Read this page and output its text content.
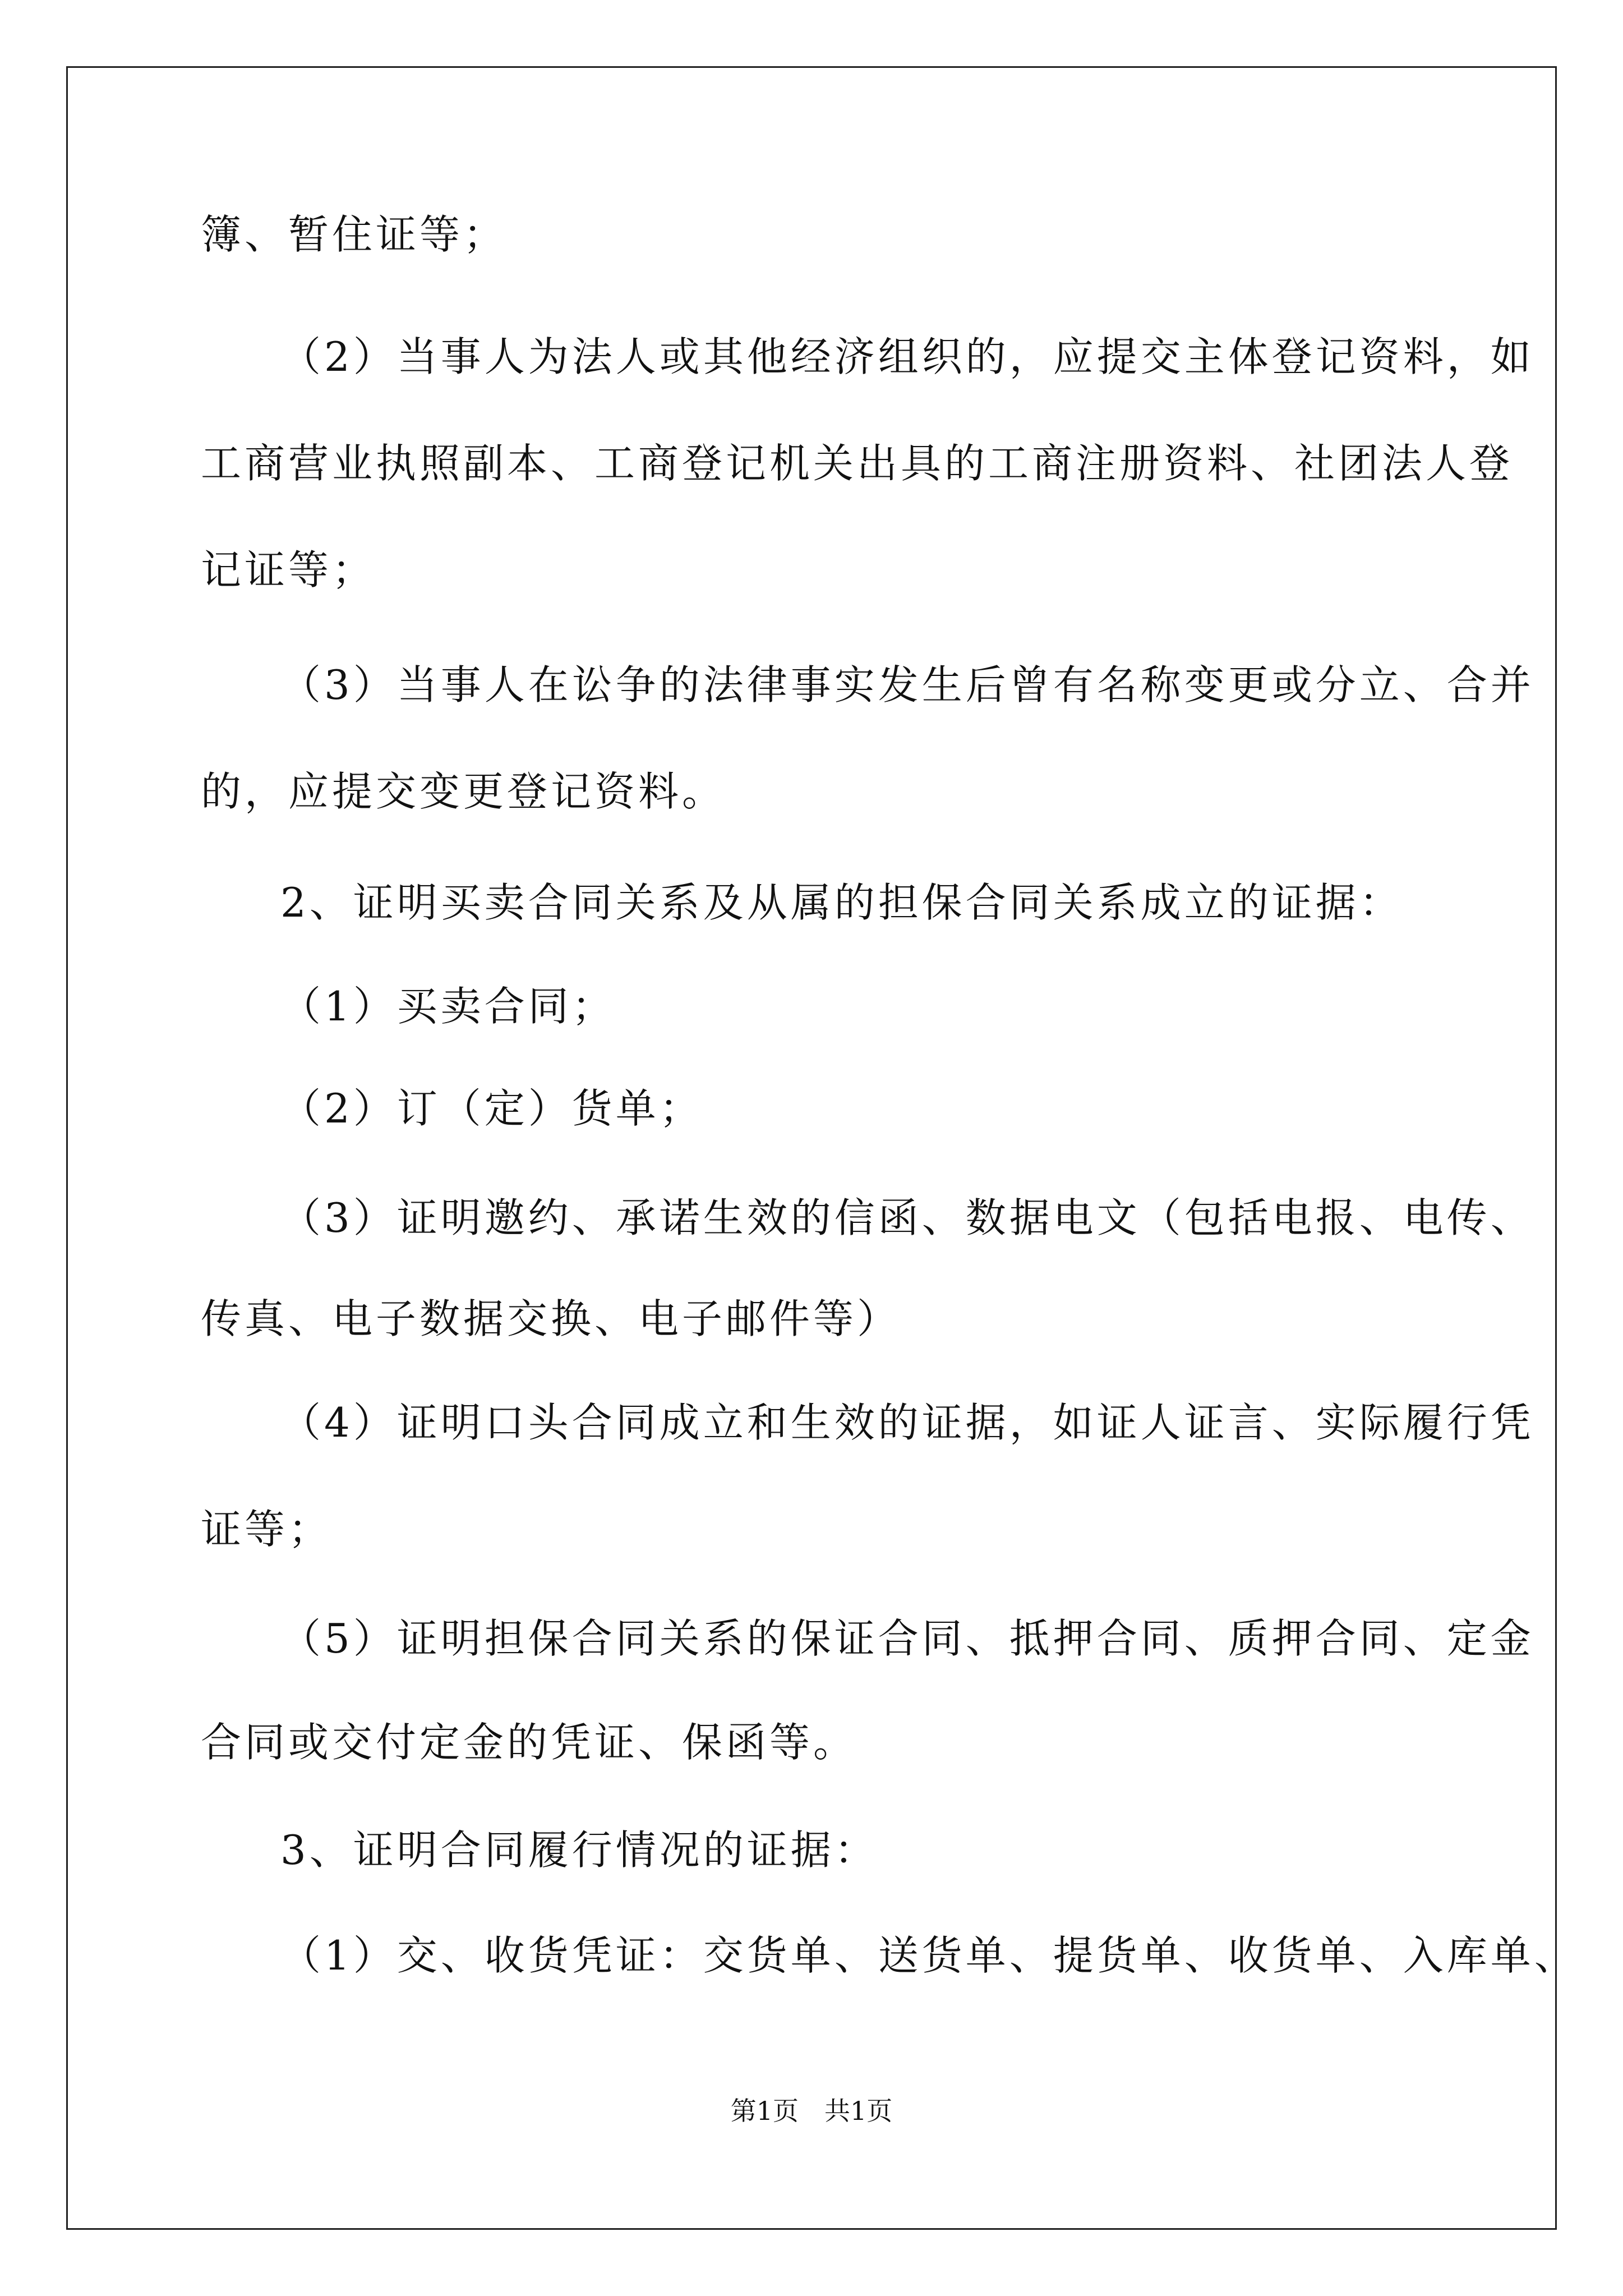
簿、暂住证等；
（2）当事人为法人或其他经济组织的，应提交主体登记资料，如
工商营业执照副本、工商登记机关出具的工商注册资料、社团法人登
记证等；
（3）当事人在讼争的法律事实发生后曾有名称变更或分立、合并
的，应提交变更登记资料。
2、证明买卖合同关系及从属的担保合同关系成立的证据：
（1）买卖合同；
（2）订（定）货单；
（3）证明邀约、承诺生效的信函、数据电文（包括电报、电传、
传真、电子数据交换、电子邮件等）
（4）证明口头合同成立和生效的证据，如证人证言、实际履行凭
证等；
（5）证明担保合同关系的保证合同、抵押合同、质押合同、定金
合同或交付定金的凭证、保函等。
3、证明合同履行情况的证据：
（1）交、收货凭证：交货单、送货单、提货单、收货单、入库单、
第1页　共1页
